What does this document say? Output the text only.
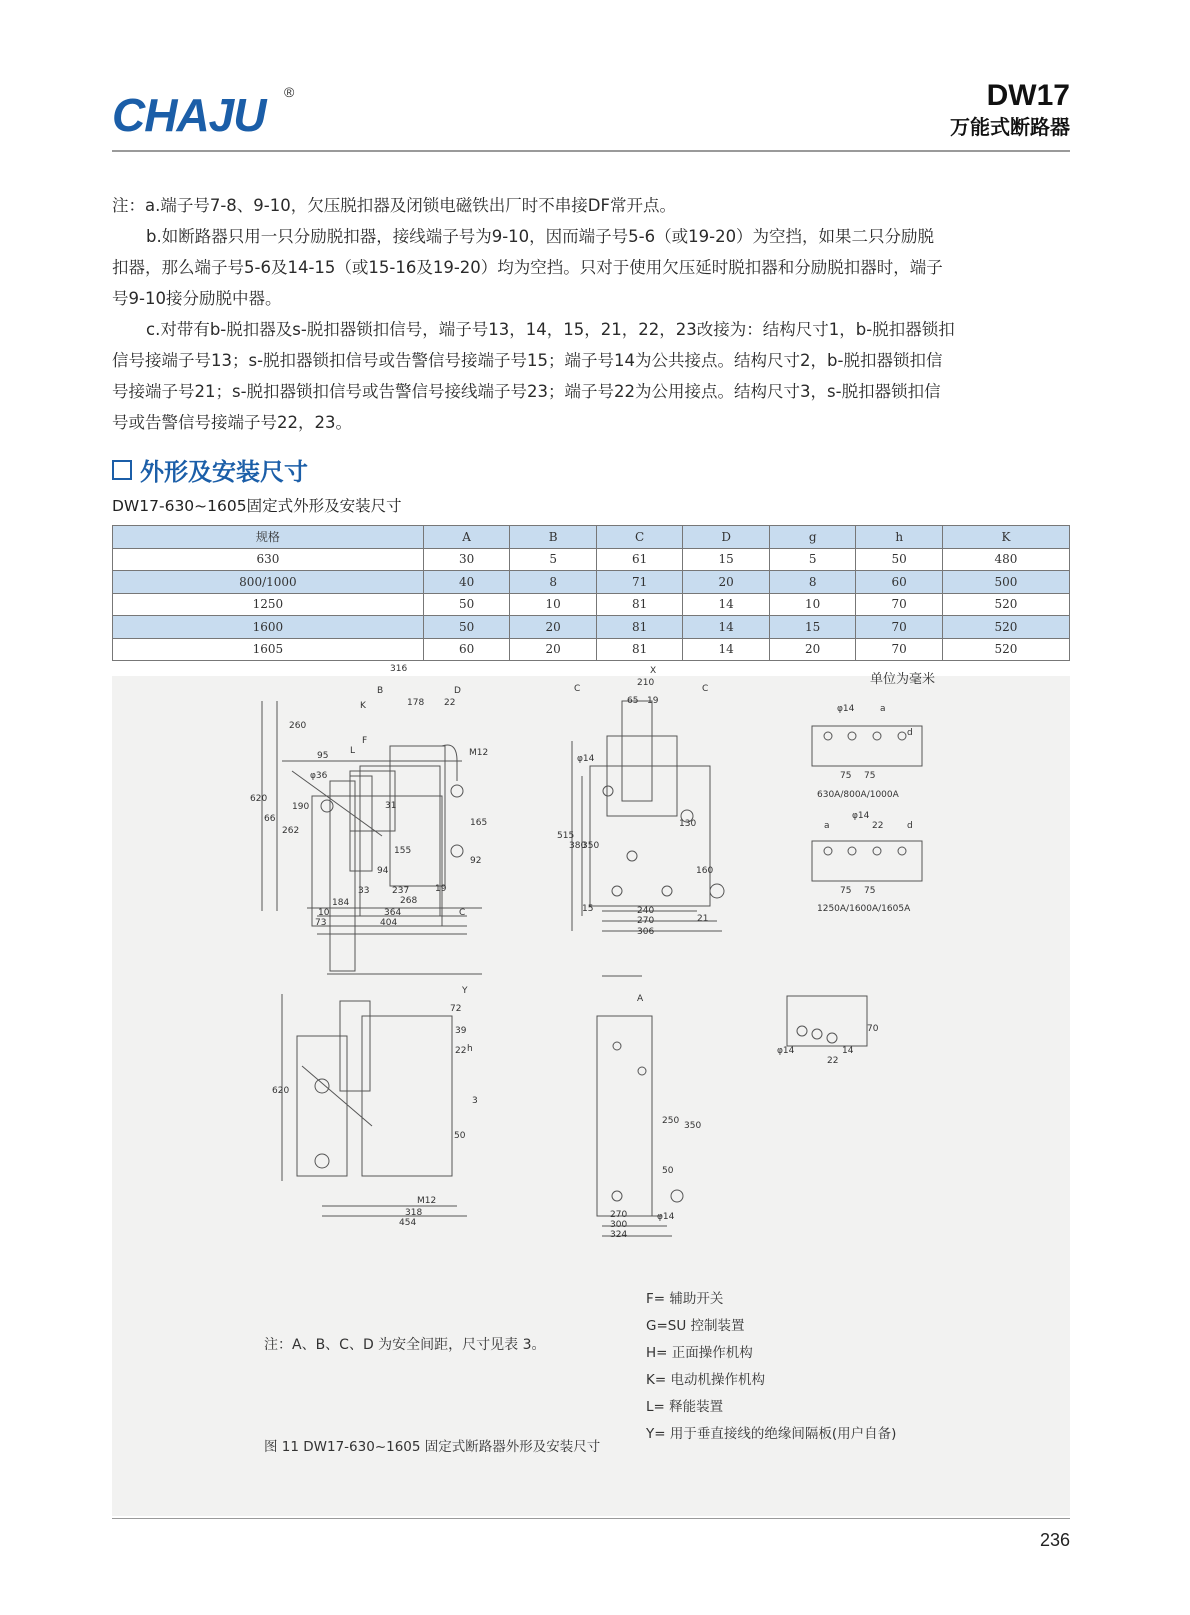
CHAJU ®	DW17
万能式断路器

注：a.端子号7-8、9-10，欠压脱扣器及闭锁电磁铁出厂时不串接DF常开点。

b.如断路器只用一只分励脱扣器，接线端子号为9-10，因而端子号5-6（或19-20）为空挡，如果二只分励脱

扣器，那么端子号5-6及14-15（或15-16及19-20）均为空挡。只对于使用欠压延时脱扣器和分励脱扣器时，端子

号9-10接分励脱中器。

c.对带有b-脱扣器及s-脱扣器锁扣信号，端子号13，14，15，21，22，23改接为：结构尺寸1，b-脱扣器锁扣

信号接端子号13；s-脱扣器锁扣信号或告警信号接端子号15；端子号14为公共接点。结构尺寸2，b-脱扣器锁扣信

号接端子号21；s-脱扣器锁扣信号或告警信号接线端子号23；端子号22为公用接点。结构尺寸3，s-脱扣器锁扣信

号或告警信号接端子号22，23。

外形及安装尺寸
DW17-630~1605固定式外形及安装尺寸
规格	A	B	C	D	g	h	K
630	30	5	61	15	5	50	480
800/1000	40	8	71	20	8	60	500
1250	50	10	81	14	10	70	520
1600	50	20	81	14	15	70	520
1605	60	20	81	14	20	70	520
单位为毫米
316
178 22
260
95
620
66
190
262
155
94
31
165
92
33	237
268
184
364
404
10
73
19
B	D
K
F
L
C
M12
φ36
X
210
65 19
C	C
515
380
350
130
160
240
270
306
21
15
φ14
φ14	a
d
75 75
630A/800A/1000A
φ14
a	22	d
75 75
1250A/1600A/1605A
Y
72
39
22 h
3
50
620
M12
318
454
A
250 350
50
270
300
324
φ14
φ14
22
14
70
注：A、B、C、D 为安全间距，尺寸见表 3。
F= 辅助开关
G=SU 控制装置
H= 正面操作机构
K= 电动机操作机构
L= 释能装置
Y= 用于垂直接线的绝缘间隔板(用户自备)
图 11 DW17-630~1605 固定式断路器外形及安装尺寸
236
